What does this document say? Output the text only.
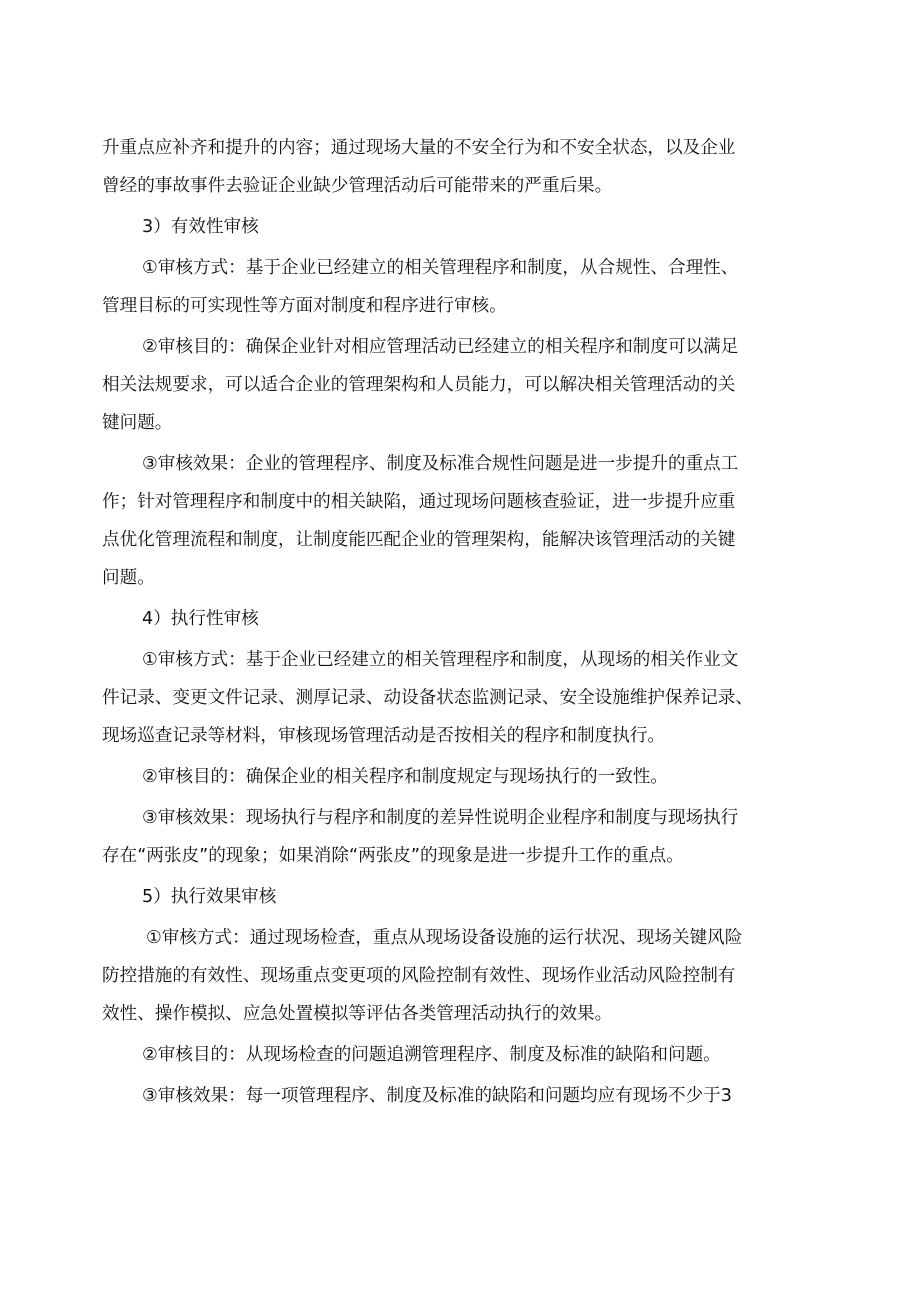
升重点应补齐和提升的内容；通过现场大量的不安全行为和不安全状态，以及企业
曾经的事故事件去验证企业缺少管理活动后可能带来的严重后果。
3）有效性审核
①审核方式：基于企业已经建立的相关管理程序和制度，从合规性、合理性、
管理目标的可实现性等方面对制度和程序进行审核。
②审核目的：确保企业针对相应管理活动已经建立的相关程序和制度可以满足
相关法规要求，可以适合企业的管理架构和人员能力，可以解决相关管理活动的关
键问题。
③审核效果：企业的管理程序、制度及标准合规性问题是进一步提升的重点工
作；针对管理程序和制度中的相关缺陷，通过现场问题核查验证，进一步提升应重
点优化管理流程和制度，让制度能匹配企业的管理架构，能解决该管理活动的关键
问题。
4）执行性审核
①审核方式：基于企业已经建立的相关管理程序和制度，从现场的相关作业文
件记录、变更文件记录、测厚记录、动设备状态监测记录、安全设施维护保养记录、
现场巡查记录等材料，审核现场管理活动是否按相关的程序和制度执行。
②审核目的：确保企业的相关程序和制度规定与现场执行的一致性。
③审核效果：现场执行与程序和制度的差异性说明企业程序和制度与现场执行
存在“两张皮”的现象；如果消除“两张皮”的现象是进一步提升工作的重点。
5）执行效果审核
①审核方式：通过现场检查，重点从现场设备设施的运行状况、现场关键风险
防控措施的有效性、现场重点变更项的风险控制有效性、现场作业活动风险控制有
效性、操作模拟、应急处置模拟等评估各类管理活动执行的效果。
②审核目的：从现场检查的问题追溯管理程序、制度及标准的缺陷和问题。
③审核效果：每一项管理程序、制度及标准的缺陷和问题均应有现场不少于3
